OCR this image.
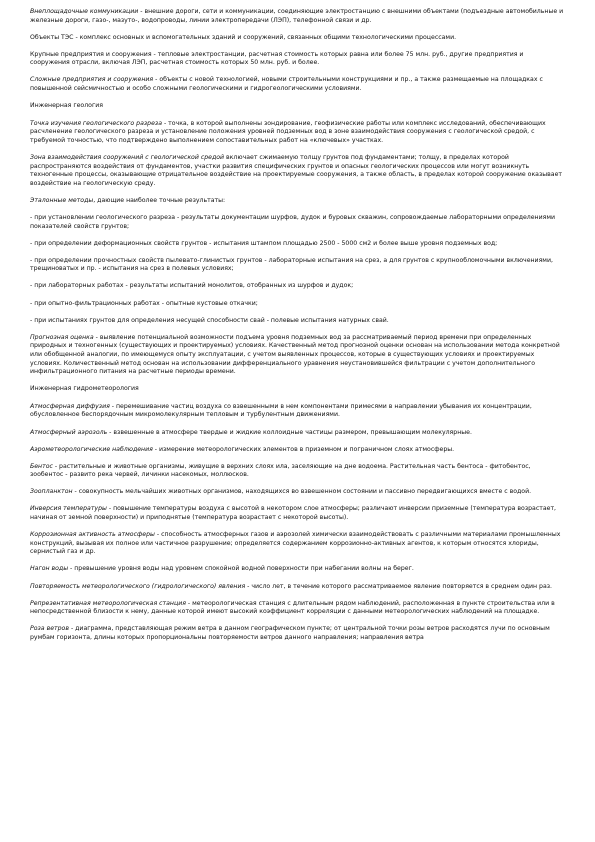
Внеплощадочные коммуникации - внешние дороги, сети и коммуникации, соединяющие электростанцию с внешними объектами (подъездные автомобильные и железные дороги, газо-, мазуто-, водопроводы, линии электропередачи (ЛЭП), телефонной связи и др.
Объекты ТЭС - комплекс основных и вспомогательных зданий и сооружений, связанных общими технологическими процессами.
Крупные предприятия и сооружения - тепловые электростанции, расчетная стоимость которых равна или более 75 млн. руб., другие предприятия и сооружения отрасли, включая ЛЭП, расчетная стоимость которых 50 млн. руб. и более.
Сложные предприятия и сооружения - объекты с новой технологией, новыми строительными конструкциями и пр., а также размещаемые на площадках с повышенной сейсмичностью и особо сложными геологическими и гидрогеологическими условиями.
Инженерная геология
Точка изучения геологического разреза - точка, в которой выполнены зондирование, геофизические работы или комплекс исследований, обеспечивающих расчленение геологического разреза и установление положения уровней подземных вод в зоне взаимодействия сооружения с геологической средой, с требуемой точностью, что подтверждено выполнением сопоставительных работ на «ключевых» участках.
Зона взаимодействия сооружений с геологической средой включает сжимаемую толщу грунтов под фундаментами; толщу, в пределах которой распространяются воздействия от фундаментов, участки развития специфических грунтов и опасных геологических процессов или могут возникнуть техногенные процессы, оказывающие отрицательное воздействие на проектируемые сооружения, а также область, в пределах которой сооружение оказывает воздействие на геологическую среду.
Эталонные методы, дающие наиболее точные результаты:
- при установлении геологического разреза - результаты документации шурфов, дудок и буровых скважин, сопровождаемые лабораторными определениями показателей свойств грунтов;
- при определении деформационных свойств грунтов - испытания штампом площадью 2500 - 5000 см2 и более выше уровня подземных вод;
- при определении прочностных свойств пылевато-глинистых грунтов - лабораторные испытания на срез, а для грунтов с крупнообломочными включениями, трещиноватых и пр. - испытания на срез в полевых условиях;
- при лабораторных работах - результаты испытаний монолитов, отобранных из шурфов и дудок;
- при опытно-фильтрационных работах - опытные кустовые откачки;
- при испытаниях грунтов для определения несущей способности свай - полевые испытания натурных свай.
Прогнозная оценка - выявление потенциальной возможности подъема уровня подземных вод за рассматриваемый период времени при определенных природных и техногенных (существующих и проектируемых) условиях. Качественный метод прогнозной оценки основан на использовании метода конкретной или обобщенной аналогии, по имеющемуся опыту эксплуатации, с учетом выявленных процессов, которые в существующих условиях и проектируемых условиях. Количественный метод основан на использовании дифференциального уравнения неустановившейся фильтрации с учетом дополнительного инфильтрационного питания на расчетные периоды времени.
Инженерная гидрометеорология
Атмосферная диффузия - перемешивание частиц воздуха со взвешенными в нем компонентами примесями в направлении убывания их концентрации, обусловленное беспорядочным микромолекулярным тепловым и турбулентным движениями.
Атмосферный аэрозоль - взвешенные в атмосфере твердые и жидкие коллоидные частицы размером, превышающим молекулярные.
Аэрометеорологические наблюдения - измерение метеорологических элементов в приземном и пограничном слоях атмосферы.
Бентос - растительные и животные организмы, живущие в верхних слоях ила, заселяющие на дне водоема. Растительная часть бентоса - фитобентос, зообентос - развито река червей, личинки насекомых, моллюсков.
Зоопланктон - совокупность мельчайших животных организмов, находящихся во взвешенном состоянии и пассивно передвигающихся вместе с водой.
Инверсия температуры - повышение температуры воздуха с высотой в некотором слое атмосферы; различают инверсии приземные (температура возрастает, начиная от земной поверхности) и приподнятые (температура возрастает с некоторой высоты).
Коррозионная активность атмосферы - способность атмосферных газов и аэрозолей химически взаимодействовать с различными материалами промышленных конструкций, вызывая их полное или частичное разрушение; определяется содержанием коррозионно-активных агентов, к которым относятся хлориды, сернистый газ и др.
Нагон воды - превышение уровня воды над уровнем спокойной водной поверхности при набегании волны на берег.
Повторяемость метеорологического (гидрологического) явления - число лет, в течение которого рассматриваемое явление повторяется в среднем один раз.
Репрезентативная метеорологическая станция - метеорологическая станция с длительным рядом наблюдений, расположенная в пункте строительства или в непосредственной близости к нему, данные которой имеют высокий коэффициент корреляции с данными метеорологических наблюдений на площадке.
Роза ветров - диаграмма, представляющая режим ветра в данном географическом пункте; от центральной точки розы ветров расходятся лучи по основным румбам горизонта, длины которых пропорциональны повторяемости ветров данного направления; направления ветра
